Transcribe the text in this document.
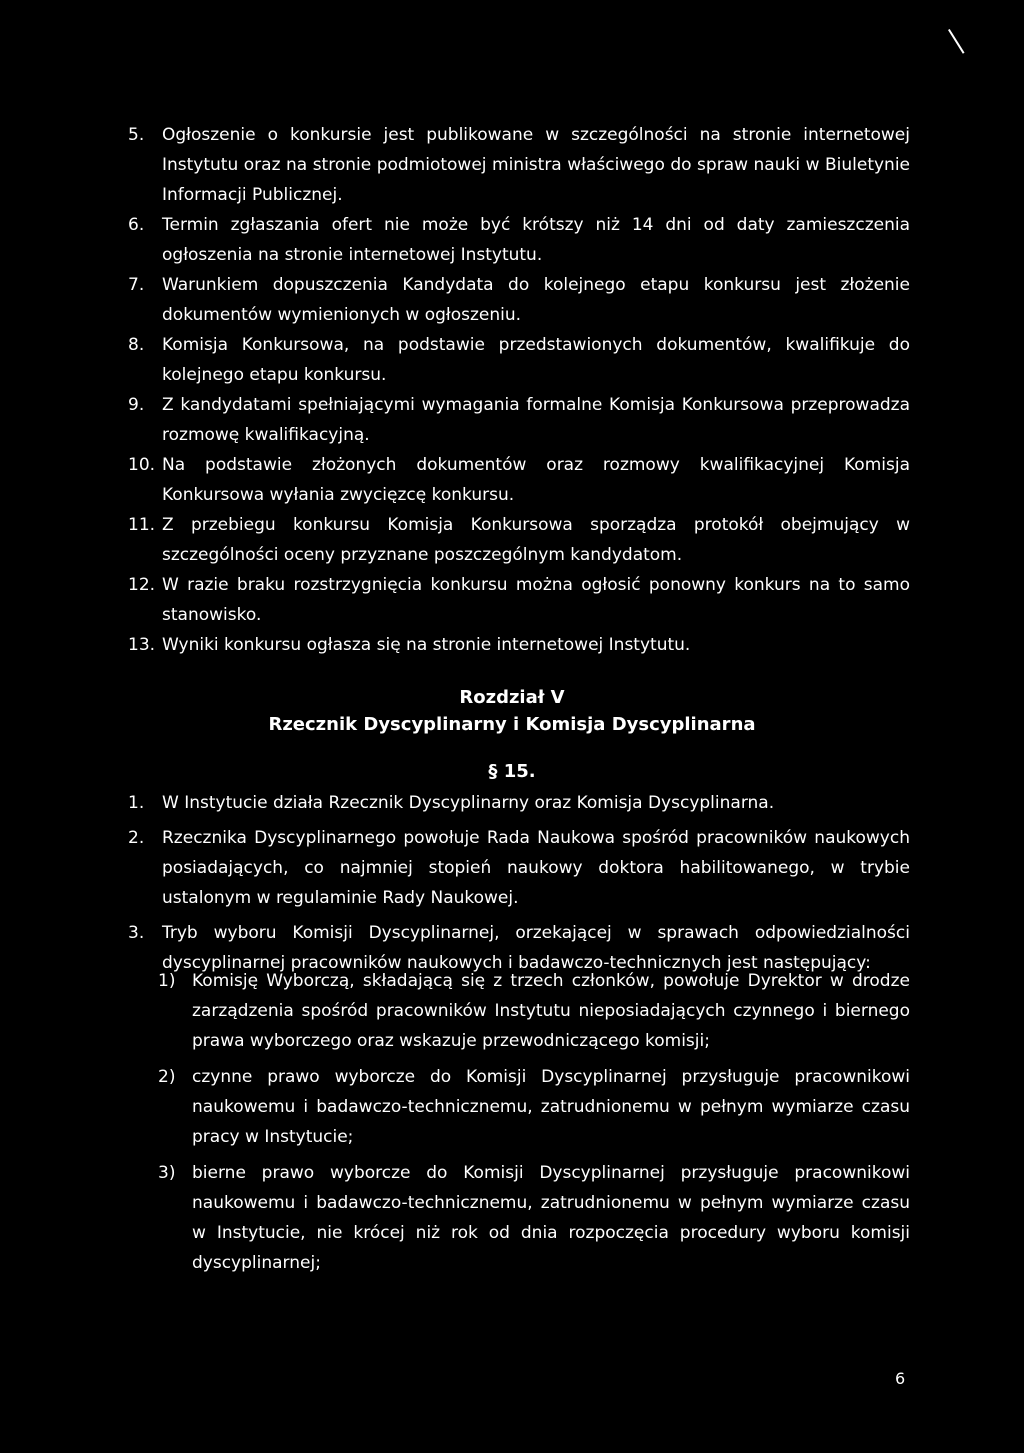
5. Ogłoszenie o konkursie jest publikowane w szczególności na stronie internetowej Instytutu oraz na stronie podmiotowej ministra właściwego do spraw nauki w Biuletynie Informacji Publicznej.
6. Termin zgłaszania ofert nie może być krótszy niż 14 dni od daty zamieszczenia ogłoszenia na stronie internetowej Instytutu.
7. Warunkiem dopuszczenia Kandydata do kolejnego etapu konkursu jest złożenie dokumentów wymienionych w ogłoszeniu.
8. Komisja Konkursowa, na podstawie przedstawionych dokumentów, kwalifikuje do kolejnego etapu konkursu.
9. Z kandydatami spełniającymi wymagania formalne Komisja Konkursowa przeprowadza rozmowę kwalifikacyjną.
10. Na podstawie złożonych dokumentów oraz rozmowy kwalifikacyjnej Komisja Konkursowa wyłania zwycięzcę konkursu.
11. Z przebiegu konkursu Komisja Konkursowa sporządza protokół obejmujący w szczególności oceny przyznane poszczególnym kandydatom.
12. W razie braku rozstrzygnięcia konkursu można ogłosić ponowny konkurs na to samo stanowisko.
13. Wyniki konkursu ogłasza się na stronie internetowej Instytutu.
Rozdział V
Rzecznik Dyscyplinarny i Komisja Dyscyplinarna
§ 15.
1. W Instytucie działa Rzecznik Dyscyplinarny oraz Komisja Dyscyplinarna.
2. Rzecznika Dyscyplinarnego powołuje Rada Naukowa spośród pracowników naukowych posiadających, co najmniej stopień naukowy doktora habilitowanego, w trybie ustalonym w regulaminie Rady Naukowej.
3. Tryb wyboru Komisji Dyscyplinarnej, orzekającej w sprawach odpowiedzialności dyscyplinarnej pracowników naukowych i badawczo-technicznych jest następujący:
1) Komisję Wyborczą, składającą się z trzech członków, powołuje Dyrektor w drodze zarządzenia spośród pracowników Instytutu nieposiadających czynnego i biernego prawa wyborczego oraz wskazuje przewodniczącego komisji;
2) czynne prawo wyborcze do Komisji Dyscyplinarnej przysługuje pracownikowi naukowemu i badawczo-technicznemu, zatrudnionemu w pełnym wymiarze czasu pracy w Instytucie;
3) bierne prawo wyborcze do Komisji Dyscyplinarnej przysługuje pracownikowi naukowemu i badawczo-technicznemu, zatrudnionemu w pełnym wymiarze czasu w Instytucie, nie krócej niż rok od dnia rozpoczęcia procedury wyboru komisji dyscyplinarnej;
6
